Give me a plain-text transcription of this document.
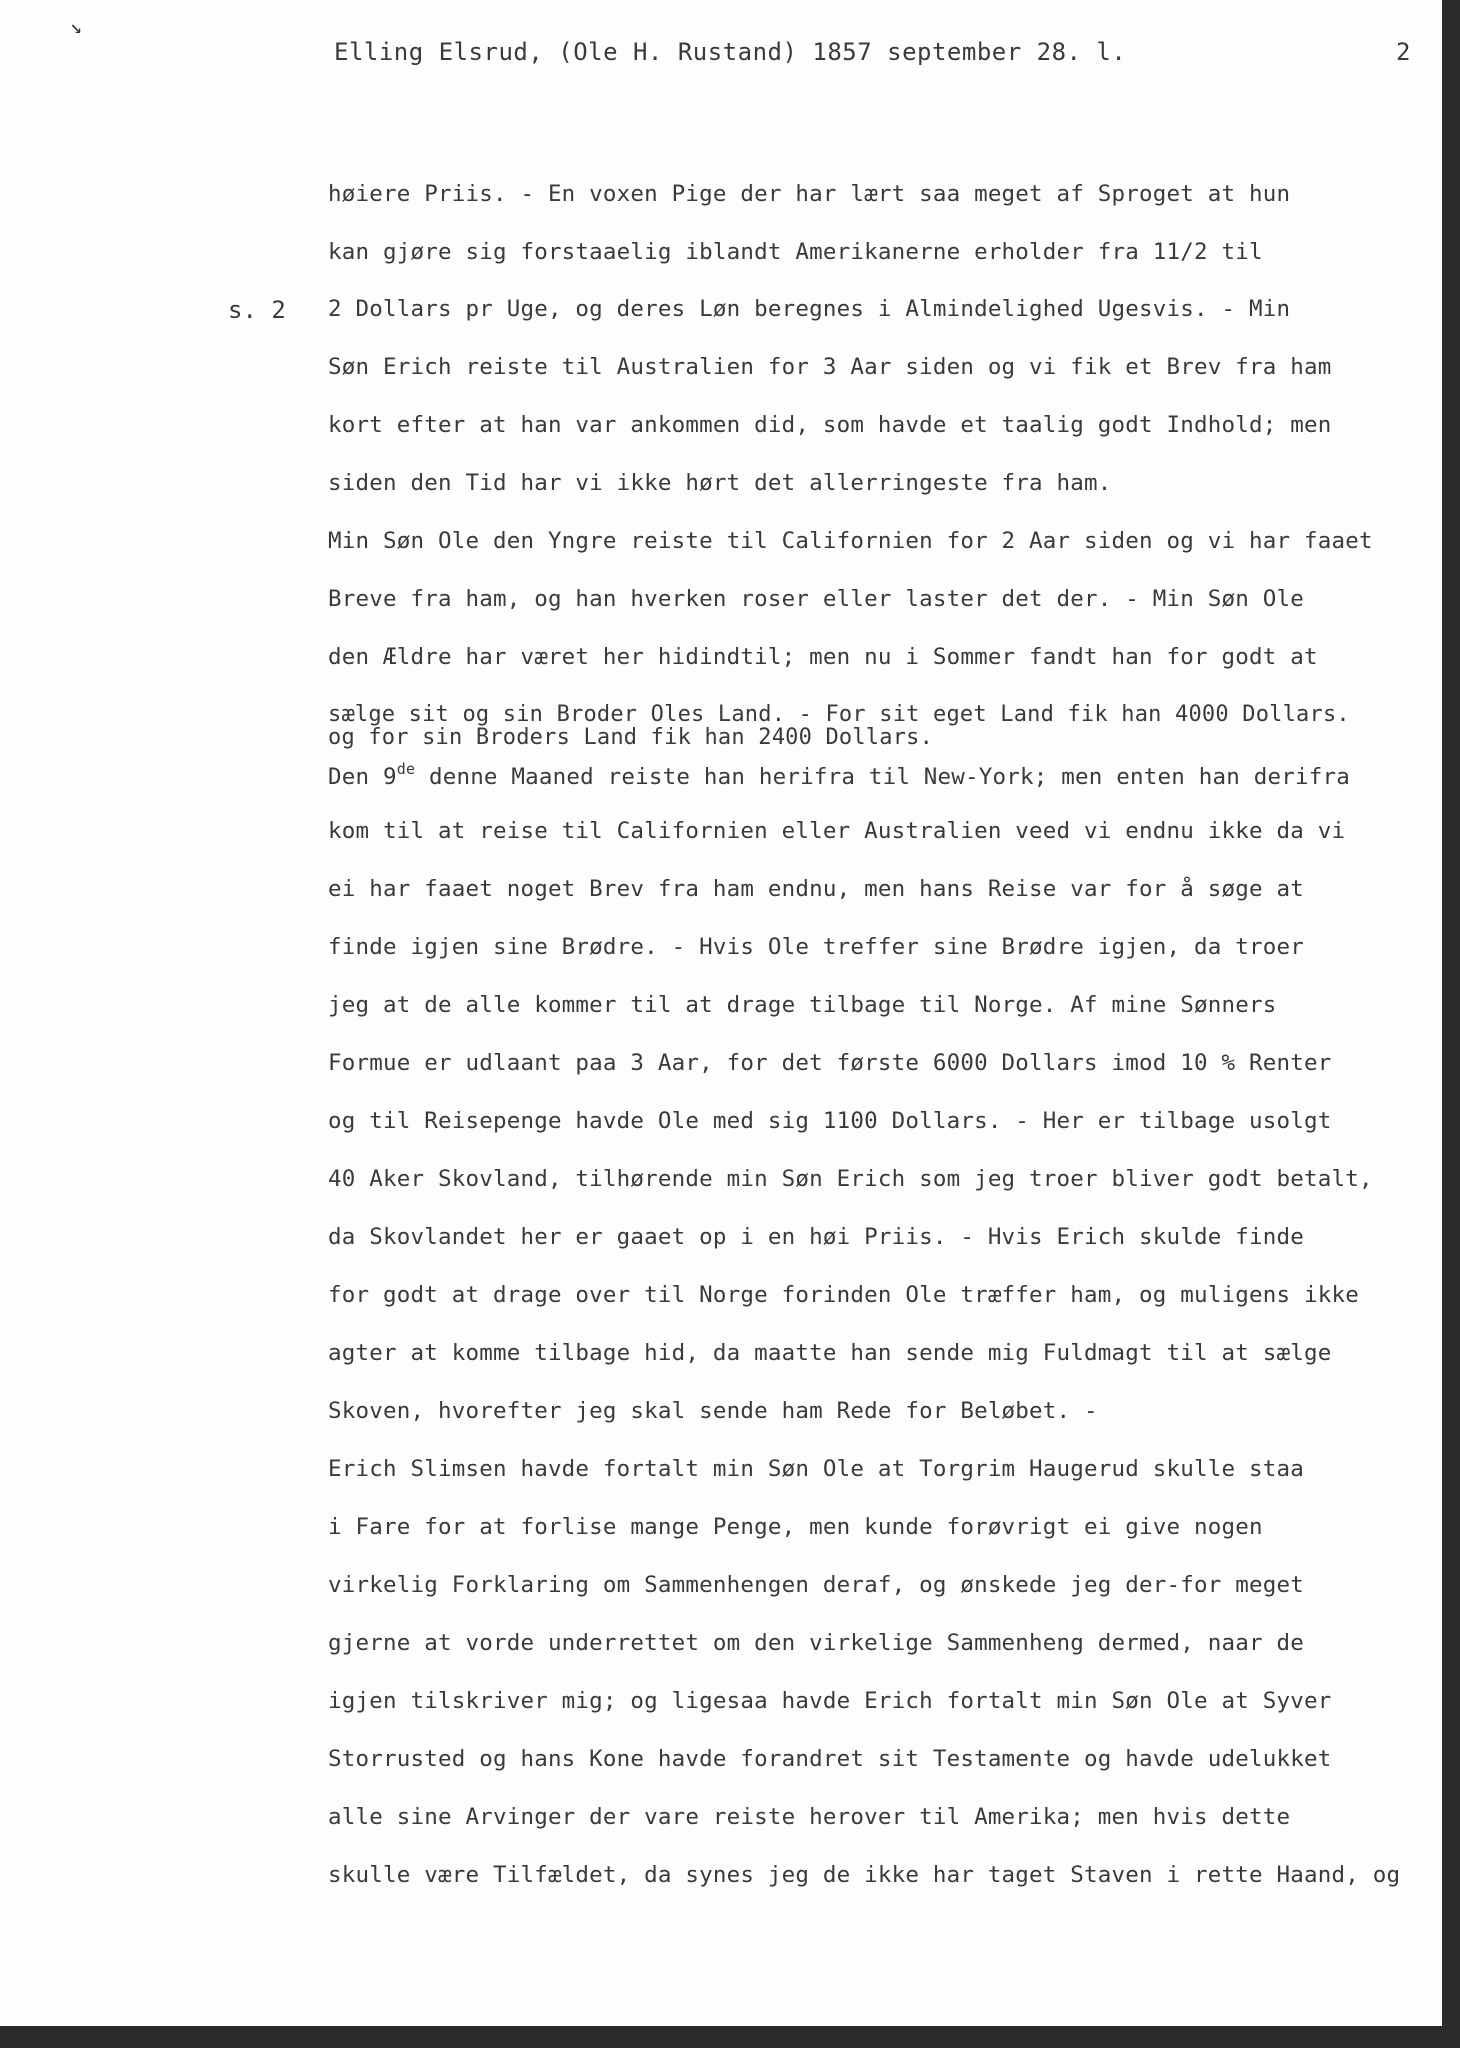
↘
Elling Elsrud, (Ole H. Rustand) 1857 september 28. l.	2
s. 2
høiere Priis. - En voxen Pige der har lært saa meget af Sproget at hun
kan gjøre sig forstaaelig iblandt Amerikanerne erholder fra 11/2 til
2 Dollars pr Uge, og deres Løn beregnes i Almindelighed Ugesvis. - Min
Søn Erich reiste til Australien for 3 Aar siden og vi fik et Brev fra ham
kort efter at han var ankommen did, som havde et taalig godt Indhold; men
siden den Tid har vi ikke hørt det allerringeste fra ham.
Min Søn Ole den Yngre reiste til Californien for 2 Aar siden og vi har faaet
Breve fra ham, og han hverken roser eller laster det der. - Min Søn Ole
den Ældre har været her hidindtil; men nu i Sommer fandt han for godt at
sælge sit og sin Broder Oles Land. - For sit eget Land fik han 4000 Dollars.
og for sin Broders Land fik han 2400 Dollars.
Den 9de denne Maaned reiste han herifra til New-York; men enten han derifra
kom til at reise til Californien eller Australien veed vi endnu ikke da vi
ei har faaet noget Brev fra ham endnu, men hans Reise var for å søge at
finde igjen sine Brødre. - Hvis Ole treffer sine Brødre igjen, da troer
jeg at de alle kommer til at drage tilbage til Norge. Af mine Sønners
Formue er udlaant paa 3 Aar, for det første 6000 Dollars imod 10 % Renter
og til Reisepenge havde Ole med sig 1100 Dollars. - Her er tilbage usolgt
40 Aker Skovland, tilhørende min Søn Erich som jeg troer bliver godt betalt,
da Skovlandet her er gaaet op i en høi Priis. - Hvis Erich skulde finde
for godt at drage over til Norge forinden Ole træffer ham, og muligens ikke
agter at komme tilbage hid, da maatte han sende mig Fuldmagt til at sælge
Skoven, hvorefter jeg skal sende ham Rede for Beløbet. -
Erich Slimsen havde fortalt min Søn Ole at Torgrim Haugerud skulle staa
i Fare for at forlise mange Penge, men kunde forøvrigt ei give nogen
virkelig Forklaring om Sammenhengen deraf, og ønskede jeg der-for meget
gjerne at vorde underrettet om den virkelige Sammenheng dermed, naar de
igjen tilskriver mig; og ligesaa havde Erich fortalt min Søn Ole at Syver
Storrusted og hans Kone havde forandret sit Testamente og havde udelukket
alle sine Arvinger der vare reiste herover til Amerika; men hvis dette
skulle være Tilfældet, da synes jeg de ikke har taget Staven i rette Haand, og
